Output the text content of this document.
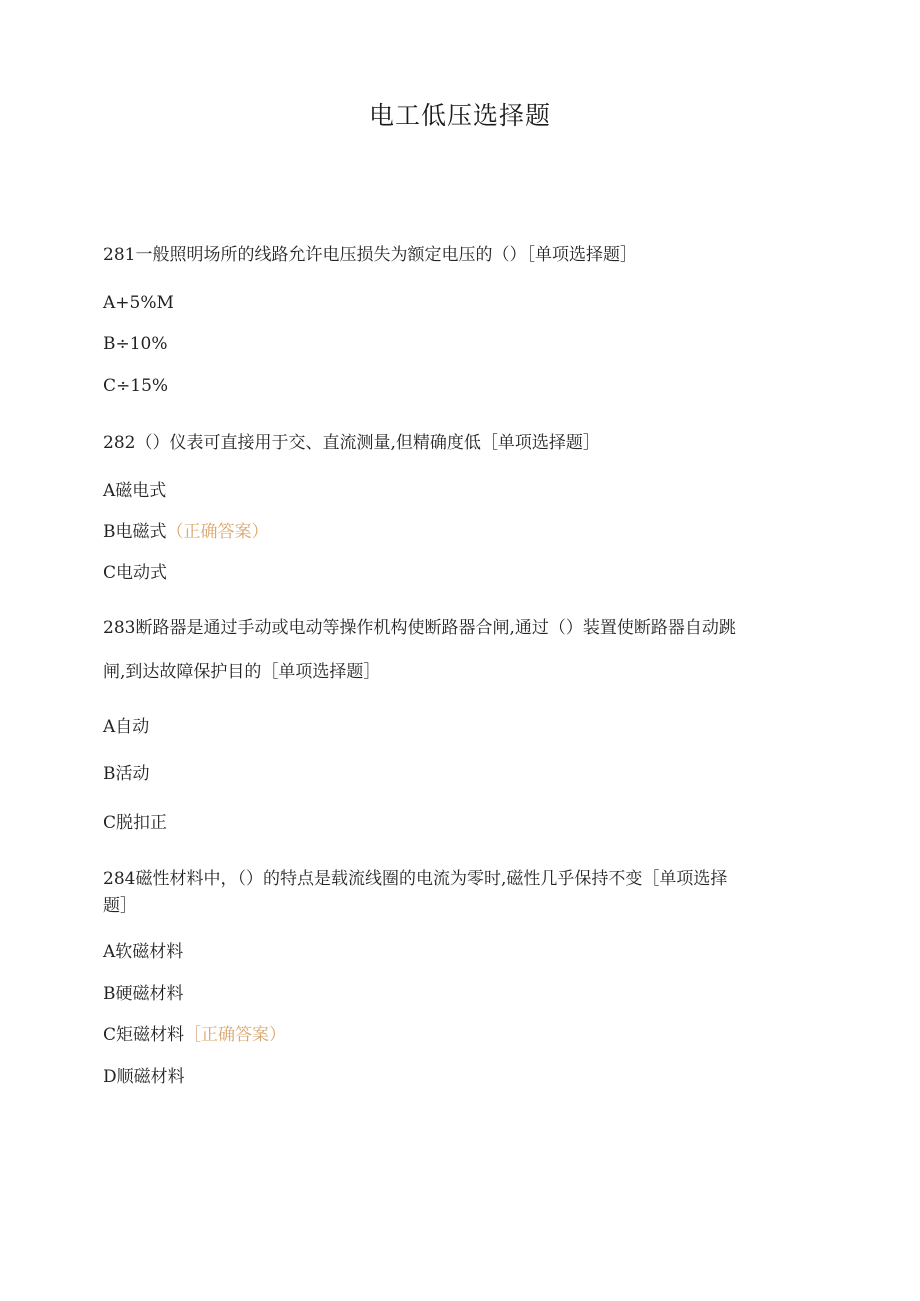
电工低压选择题
281一般照明场所的线路允许电压损失为额定电压的（）［单项选择题］
A+5%M
B÷10%
C÷15%
282（）仪表可直接用于交、直流测量,但精确度低［单项选择题］
A磁电式
B电磁式（正确答案）
C电动式
283断路器是通过手动或电动等操作机构使断路器合闸,通过（）装置使断路器自动跳
闸,到达故障保护目的［单项选择题］
A自动
B活动
C脱扣正
284磁性材料中，（）的特点是载流线圈的电流为零时,磁性几乎保持不变［单项选择
题］
A软磁材料
B硬磁材料
C矩磁材料［正确答案）
D顺磁材料
